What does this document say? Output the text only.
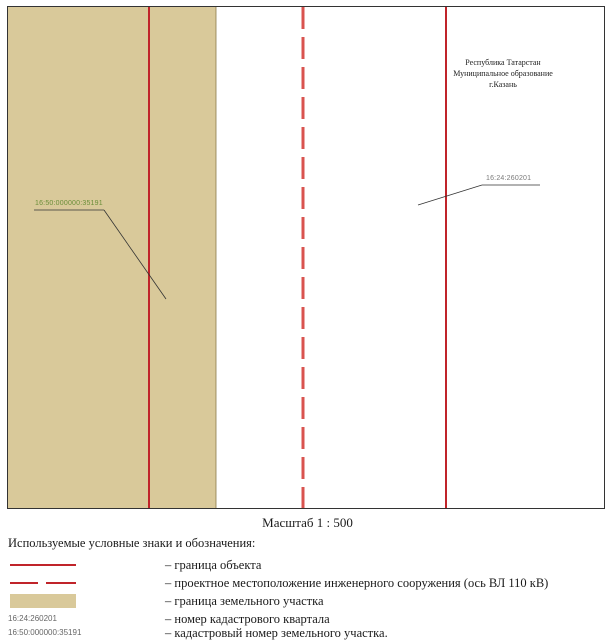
Республика Татарстан
Муниципальное образование
г.Казань
16:24:260201
16:50:000000:35191
Масштаб 1 : 500
Используемые условные знаки и обозначения:
– граница объекта
– проектное местоположение инженерного сооружения (ось ВЛ 110 кВ)
– граница земельного участка
16:24:260201	– номер кадастрового квартала
16:50:000000:35191	– кадастровый номер земельного участка.
